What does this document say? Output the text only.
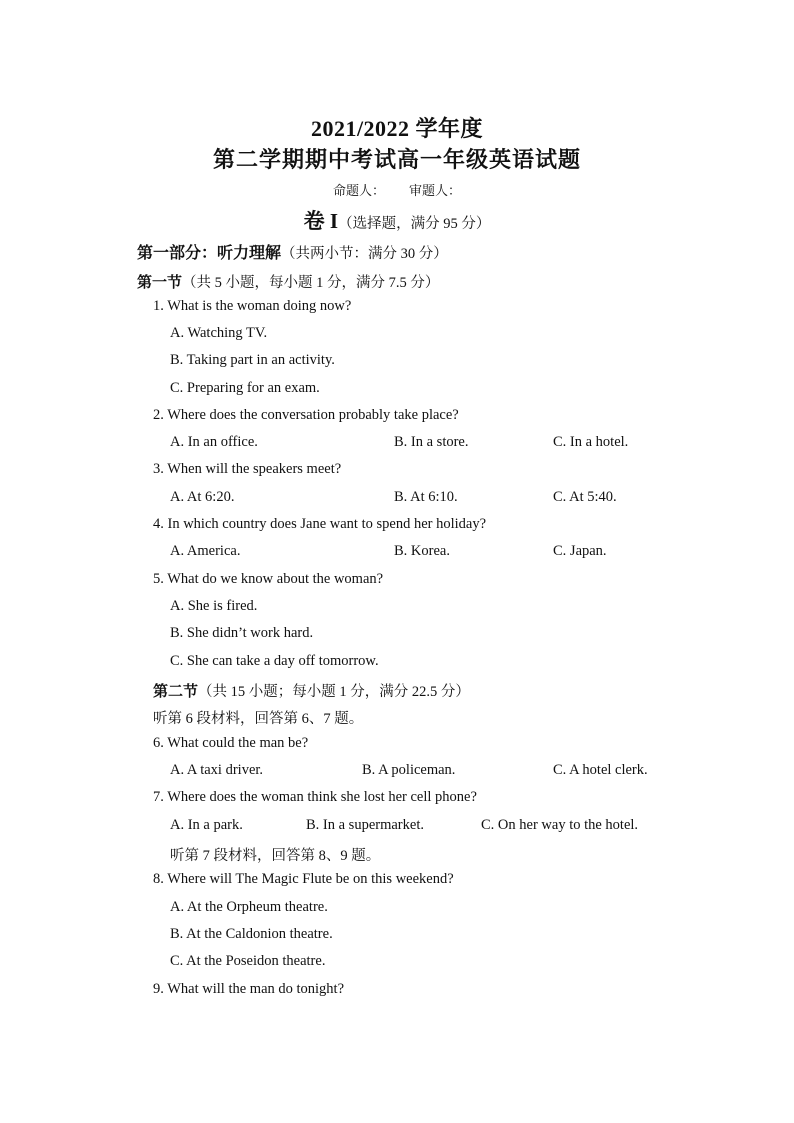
2021/2022 学年度
第二学期期中考试高一年级英语试题
命题人： 审题人：
卷 I（选择题，满分 95 分）
第一部分：听力理解（共两小节：满分 30 分）
第一节（共 5 小题，每小题 1 分，满分 7.5 分）
1. What is the woman doing now?
A. Watching TV.
B. Taking part in an activity.
C. Preparing for an exam.
2. Where does the conversation probably take place?
A. In an office.	B. In a store.	C. In a hotel.
3. When will the speakers meet?
A. At 6:20.	B. At 6:10.	C. At 5:40.
4. In which country does Jane want to spend her holiday?
A. America.	B. Korea.	C. Japan.
5. What do we know about the woman?
A. She is fired.
B. She didn’t work hard.
C. She can take a day off tomorrow.
第二节（共 15 小题；每小题 1 分，满分 22.5 分）
听第 6 段材料，回答第 6、7 题。
6. What could the man be?
A. A taxi driver.	B. A policeman.	C. A hotel clerk.
7. Where does the woman think she lost her cell phone?
A. In a park.	B. In a supermarket.	C. On her way to the hotel.
听第 7 段材料，回答第 8、9 题。
8. Where will The Magic Flute be on this weekend?
A. At the Orpheum theatre.
B. At the Caldonion theatre.
C. At the Poseidon theatre.
9. What will the man do tonight?
